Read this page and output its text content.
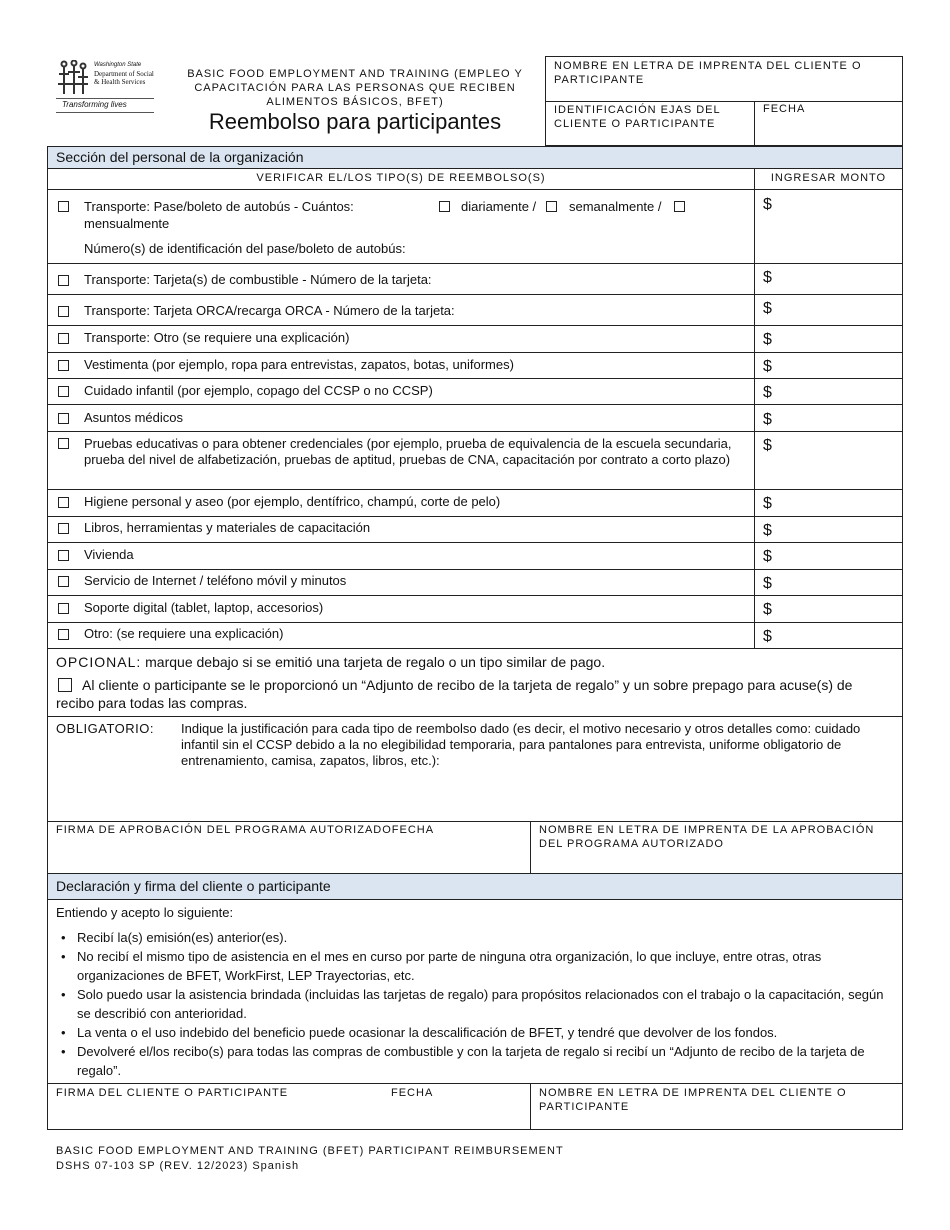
Washington State
Department of Social
& Health Services
Transforming lives
BASIC FOOD EMPLOYMENT AND TRAINING (EMPLEO Y CAPACITACIÓN PARA LAS PERSONAS QUE RECIBEN ALIMENTOS BÁSICOS, BFET)
Reembolso para participantes
NOMBRE EN LETRA DE IMPRENTA DEL CLIENTE O PARTICIPANTE
IDENTIFICACIÓN EJAS DEL CLIENTE O PARTICIPANTE
FECHA
Sección del personal de la organización
VERIFICAR EL/LOS TIPO(S) DE REEMBOLSO(S)	INGRESAR MONTO
Transporte: Pase/boleto de autobús - Cuántos:	diariamente /	semanalmente /
mensualmente
Número(s) de identificación del pase/boleto de autobús:
$
Transporte: Tarjeta(s) de combustible - Número de la tarjeta:	$
Transporte: Tarjeta ORCA/recarga ORCA - Número de la tarjeta:	$
Transporte: Otro (se requiere una explicación)	$
Vestimenta (por ejemplo, ropa para entrevistas, zapatos, botas, uniformes)	$
Cuidado infantil (por ejemplo, copago del CCSP o no CCSP)	$
Asuntos médicos	$
Pruebas educativas o para obtener credenciales (por ejemplo, prueba de equivalencia de la escuela secundaria, prueba del nivel de alfabetización, pruebas de aptitud, pruebas de CNA, capacitación por contrato a corto plazo)
$
Higiene personal y aseo (por ejemplo, dentífrico, champú, corte de pelo)	$
Libros, herramientas y materiales de capacitación	$
Vivienda	$
Servicio de Internet / teléfono móvil y minutos	$
Soporte digital (tablet, laptop, accesorios)	$
Otro: (se requiere una explicación)	$
OPCIONAL: marque debajo si se emitió una tarjeta de regalo o un tipo similar de pago.
Al cliente o participante se le proporcionó un “Adjunto de recibo de la tarjeta de regalo” y un sobre prepago para acuse(s) de recibo para todas las compras.
OBLIGATORIO: Indique la justificación para cada tipo de reembolso dado (es decir, el motivo necesario y otros detalles como: cuidado infantil sin el CCSP debido a la no elegibilidad temporaria, para pantalones para entrevista, uniforme obligatorio de entrenamiento, camisa, zapatos, libros, etc.):
FIRMA DE APROBACIÓN DEL PROGRAMA AUTORIZADOFECHA	NOMBRE EN LETRA DE IMPRENTA DE LA APROBACIÓN DEL PROGRAMA AUTORIZADO
Declaración y firma del cliente o participante
Entiendo y acepto lo siguiente:
• Recibí la(s) emisión(es) anterior(es).
• No recibí el mismo tipo de asistencia en el mes en curso por parte de ninguna otra organización, lo que incluye, entre otras, otras organizaciones de BFET, WorkFirst, LEP Trayectorias, etc.
• Solo puedo usar la asistencia brindada (incluidas las tarjetas de regalo) para propósitos relacionados con el trabajo o la capacitación, según se describió con anterioridad.
• La venta o el uso indebido del beneficio puede ocasionar la descalificación de BFET, y tendré que devolver de los fondos.
• Devolveré el/los recibo(s) para todas las compras de combustible y con la tarjeta de regalo si recibí un “Adjunto de recibo de la tarjeta de regalo”.
FIRMA DEL CLIENTE O PARTICIPANTE	FECHA	NOMBRE EN LETRA DE IMPRENTA DEL CLIENTE O PARTICIPANTE
BASIC FOOD EMPLOYMENT AND TRAINING (BFET) PARTICIPANT REIMBURSEMENT
DSHS 07-103 SP (REV. 12/2023) Spanish
